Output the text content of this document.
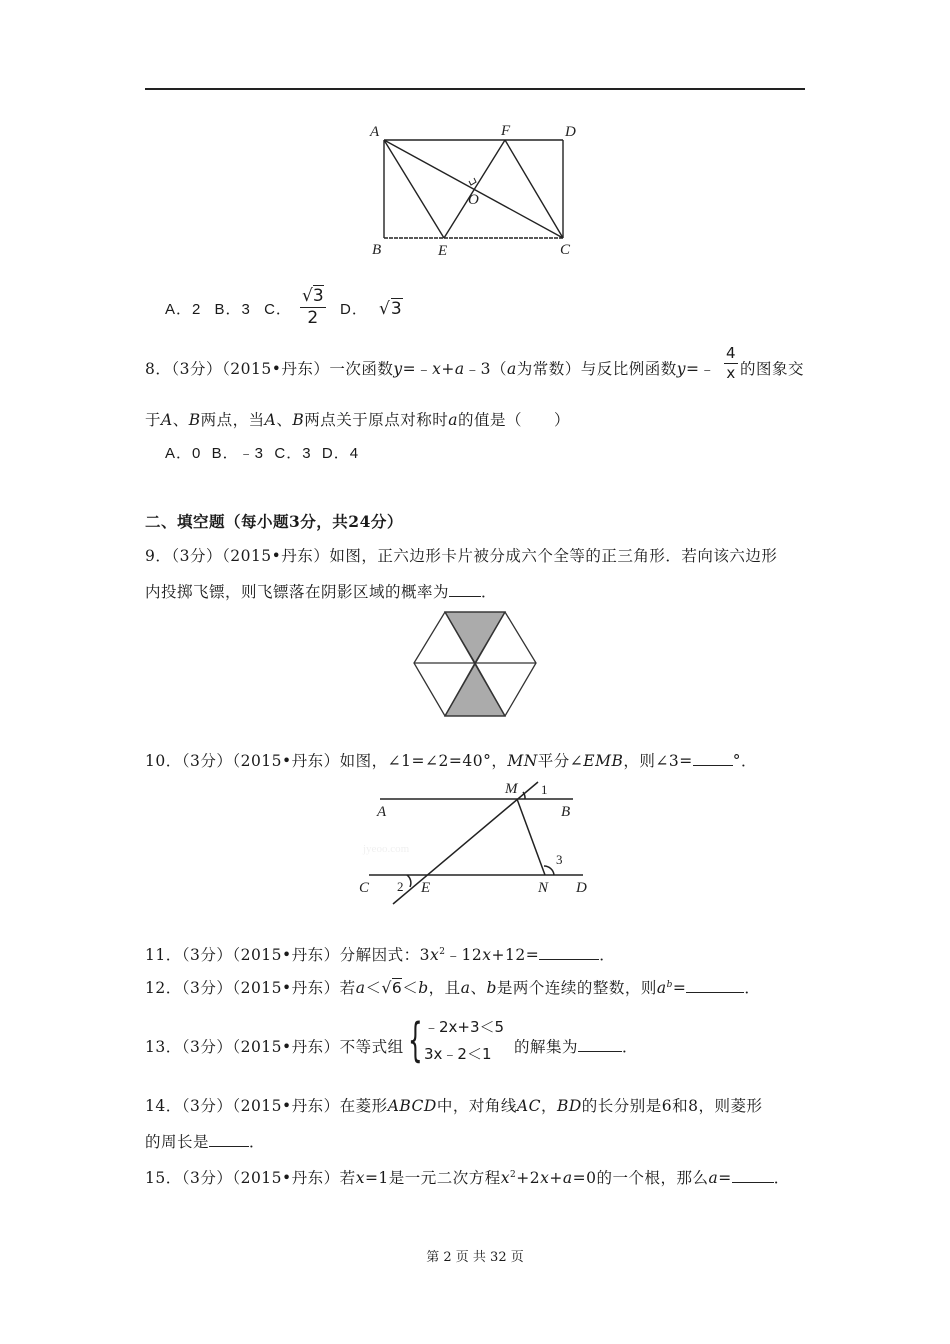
A	F	D
O
B	E	C
A．2 B．3 C． $\frac{√3}{2}$ D． √3
8．（3分）（2015•丹东）一次函数y=﹣x+a﹣3（a为常数）与反比例函数y=﹣ $\frac{4}{x}$ 的图象交
于A、B两点，当A、B两点关于原点对称时a的值是（　　）
A．0  B．﹣3  C．3  D．4
二、填空题（每小题3分，共24分）
9．（3分）（2015•丹东）如图，正六边形卡片被分成六个全等的正三角形．若向该六边形
内投掷飞镖，则飞镖落在阴影区域的概率为 ．
10．（3分）（2015•丹东）如图，∠1=∠2=40°，MN平分∠EMB，则∠3=	°．
M 1
A	B
3
C 2 E	N D
jyeoo.com
11．（3分）（2015•丹东）分解因式：$3x^2﹣12x+12=$	．
12．（3分）（2015•丹东）若a＜√6＜b，且a、b是两个连续的整数，则$a^b=$	．
13．（3分）（2015•丹东）不等式组 { ﹣2x+3＜5
3x﹣2＜1 的解集为	．
14．（3分）（2015•丹东）在菱形ABCD中，对角线AC，BD的长分别是6和8，则菱形
的周长是	．
15．（3分）（2015•丹东）若x=1是一元二次方程$x^2+2x+a=0$的一个根，那么a=	．
第 2 页 共 32 页
